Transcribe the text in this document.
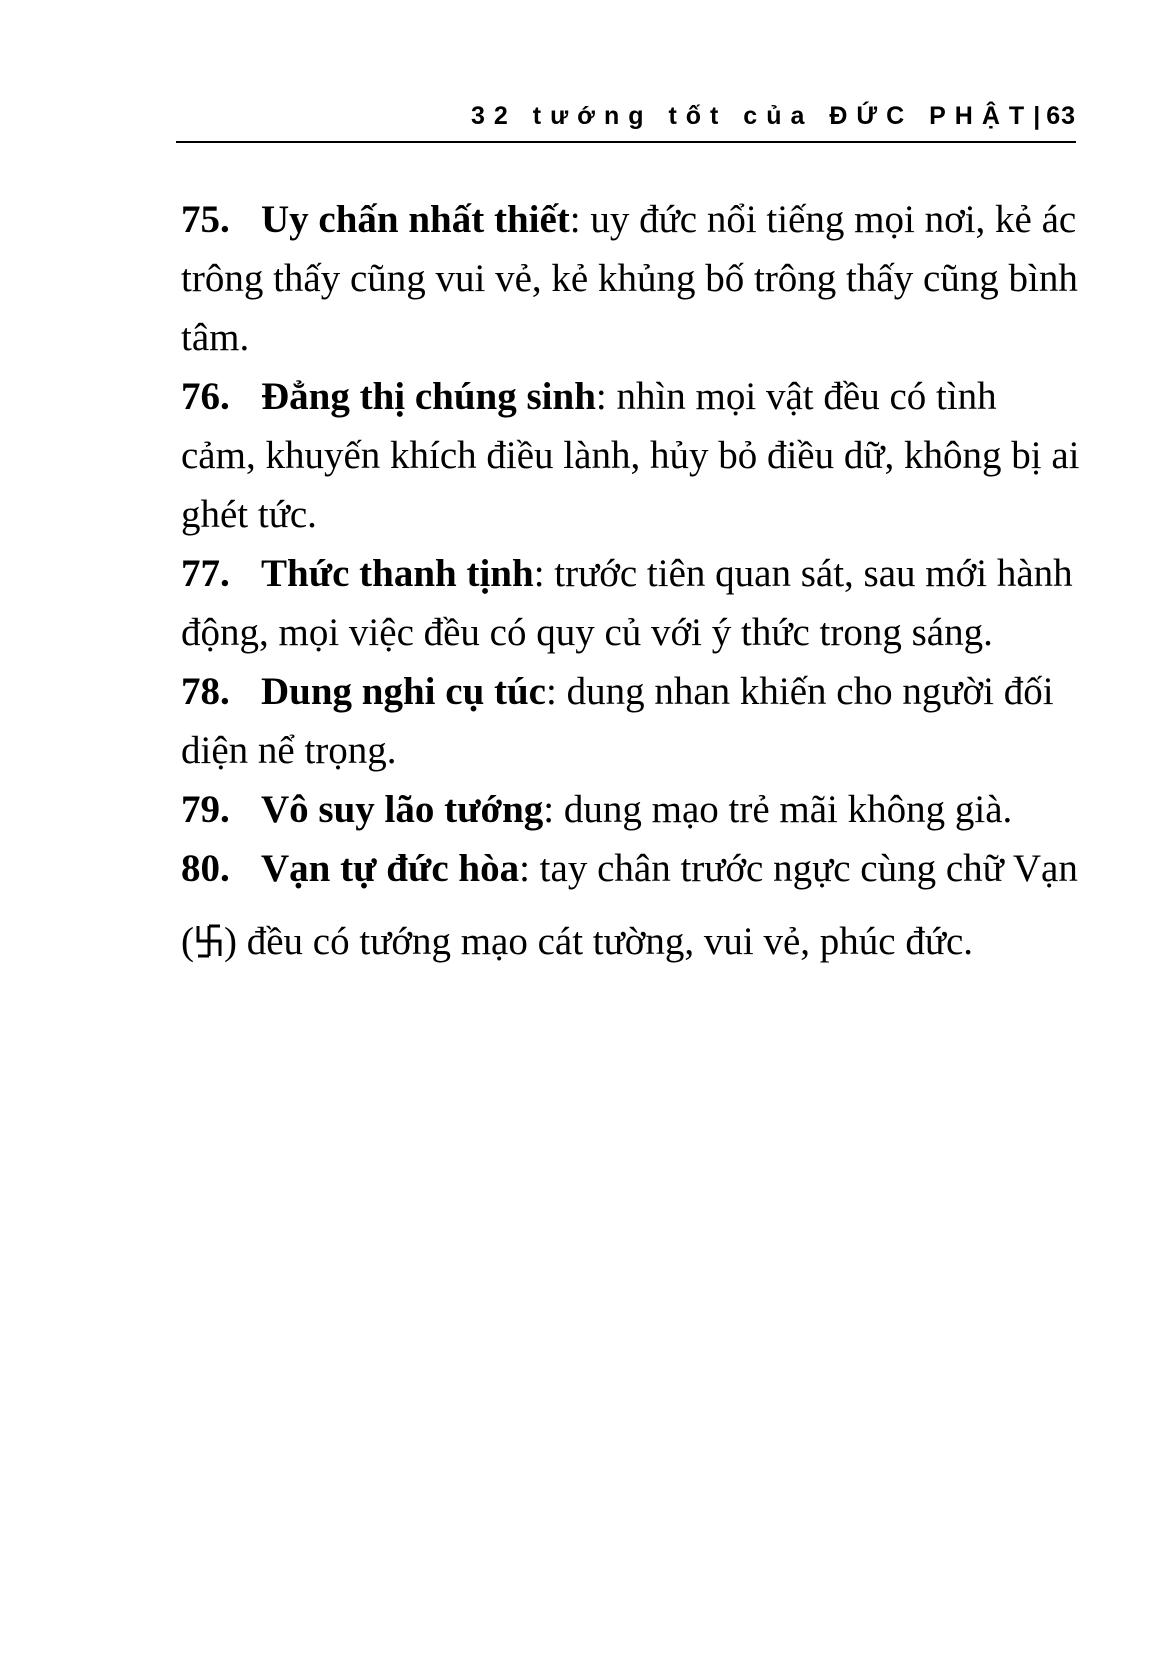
32 tướng tốt của ĐỨC PHẬT| 63

75. Uy chấn nhất thiết: uy đức nổi tiếng mọi nơi, kẻ ác trông thấy cũng vui vẻ, kẻ khủng bố trông thấy cũng bình tâm.

76. Đẳng thị chúng sinh: nhìn mọi vật đều có tình cảm, khuyến khích điều lành, hủy bỏ điều dữ, không bị ai ghét tức.

77. Thức thanh tịnh: trước tiên quan sát, sau mới hành động, mọi việc đều có quy củ với ý thức trong sáng.

78. Dung nghi cụ túc: dung nhan khiến cho người đối diện nể trọng.

79. Vô suy lão tướng: dung mạo trẻ mãi không già.

80. Vạn tự đức hòa: tay chân trước ngực cùng chữ Vạn ( ) đều có tướng mạo cát tường, vui vẻ, phúc đức.
